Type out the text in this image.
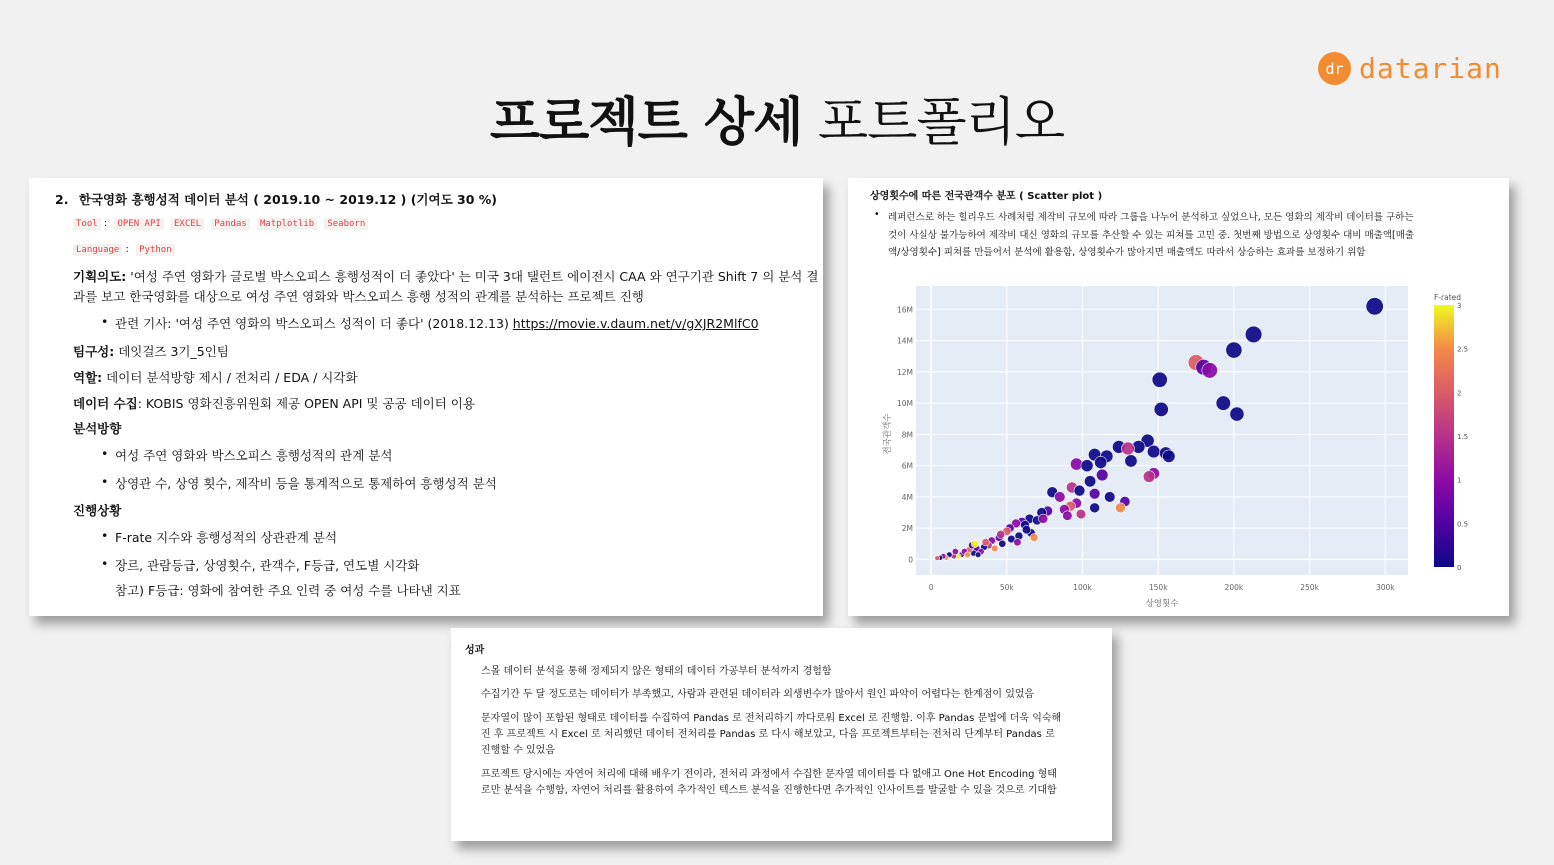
dr datarian
프로젝트 상세 포트폴리오
2. 한국영화 흥행성적 데이터 분석 ( 2019.10 ~ 2019.12 ) (기여도 30 %)
Tool : OPEN API EXCEL Pandas Matplotlib Seaborn
Language : Python
기획의도: '여성 주연 영화가 글로벌 박스오피스 흥행성적이 더 좋았다' 는 미국 3대 탤런트 에이전시 CAA 와 연구기관 Shift 7 의 분석 결
과를 보고 한국영화를 대상으로 여성 주연 영화와 박스오피스 흥행 성적의 관계를 분석하는 프로젝트 진행
• 관련 기사: '여성 주연 영화의 박스오피스 성적이 더 좋다' (2018.12.13) https://movie.v.daum.net/v/gXJR2MlfC0
팀구성: 데잇걸즈 3기_5인팀
역할: 데이터 분석방향 제시 / 전처리 / EDA / 시각화
데이터 수집: KOBIS 영화진흥위원회 제공 OPEN API 및 공공 데이터 이용
분석방향
• 여성 주연 영화와 박스오피스 흥행성적의 관계 분석
• 상영관 수, 상영 횟수, 제작비 등을 통계적으로 통제하여 흥행성적 분석
진행상황
• F-rate 지수와 흥행성적의 상관관계 분석
• 장르, 관람등급, 상영횟수, 관객수, F등급, 연도별 시각화
참고) F등급: 영화에 참여한 주요 인력 중 여성 수를 나타낸 지표
상영횟수에 따른 전국관객수 분포 ( Scatter plot )
• 레퍼런스로 하는 힐리우드 사례처럼 제작비 규모에 따라 그룹을 나누어 분석하고 싶었으나, 모든 영화의 제작비 데이터를 구하는
것이 사실상 불가능하여 제작비 대신 영화의 규모를 추산할 수 있는 피쳐를 고민 중. 첫번째 방법으로 상영횟수 대비 매출액[매출
액/상영횟수] 피쳐를 만들어서 분석에 활용함, 상영횟수가 많아지면 매출액도 따라서 상승하는 효과를 보정하기 위함
0	50k	100k	150k	200k	250k	300k
0
2M
4M
6M
8M
10M
12M
14M
16M
상영횟수
전국관객수
F-rated
0
0.5
1
1.5
2
2.5
3
성과
스몰 데이터 분석을 통해 정제되지 않은 형태의 데이터 가공부터 분석까지 경험함
수집기간 두 달 정도로는 데이터가 부족했고, 사람과 관련된 데이터라 외생변수가 많아서 원인 파악이 어렵다는 한계점이 있었음
문자열이 많이 포함된 형태로 데이터를 수집하여 Pandas 로 전처리하기 까다로워 Excel 로 진행함. 이후 Pandas 문법에 더욱 익숙해
진 후 프로젝트 시 Excel 로 처리했던 데이터 전처리를 Pandas 로 다시 해보았고, 다음 프로젝트부터는 전처리 단계부터 Pandas 로
진행할 수 있었음
프로젝트 당시에는 자연어 처리에 대해 배우기 전이라, 전처리 과정에서 수집한 문자열 데이터를 다 없애고 One Hot Encoding 형태
로만 분석을 수행함, 자연어 처리를 활용하여 추가적인 텍스트 분석을 진행한다면 추가적인 인사이트를 발굴할 수 있을 것으로 기대함
